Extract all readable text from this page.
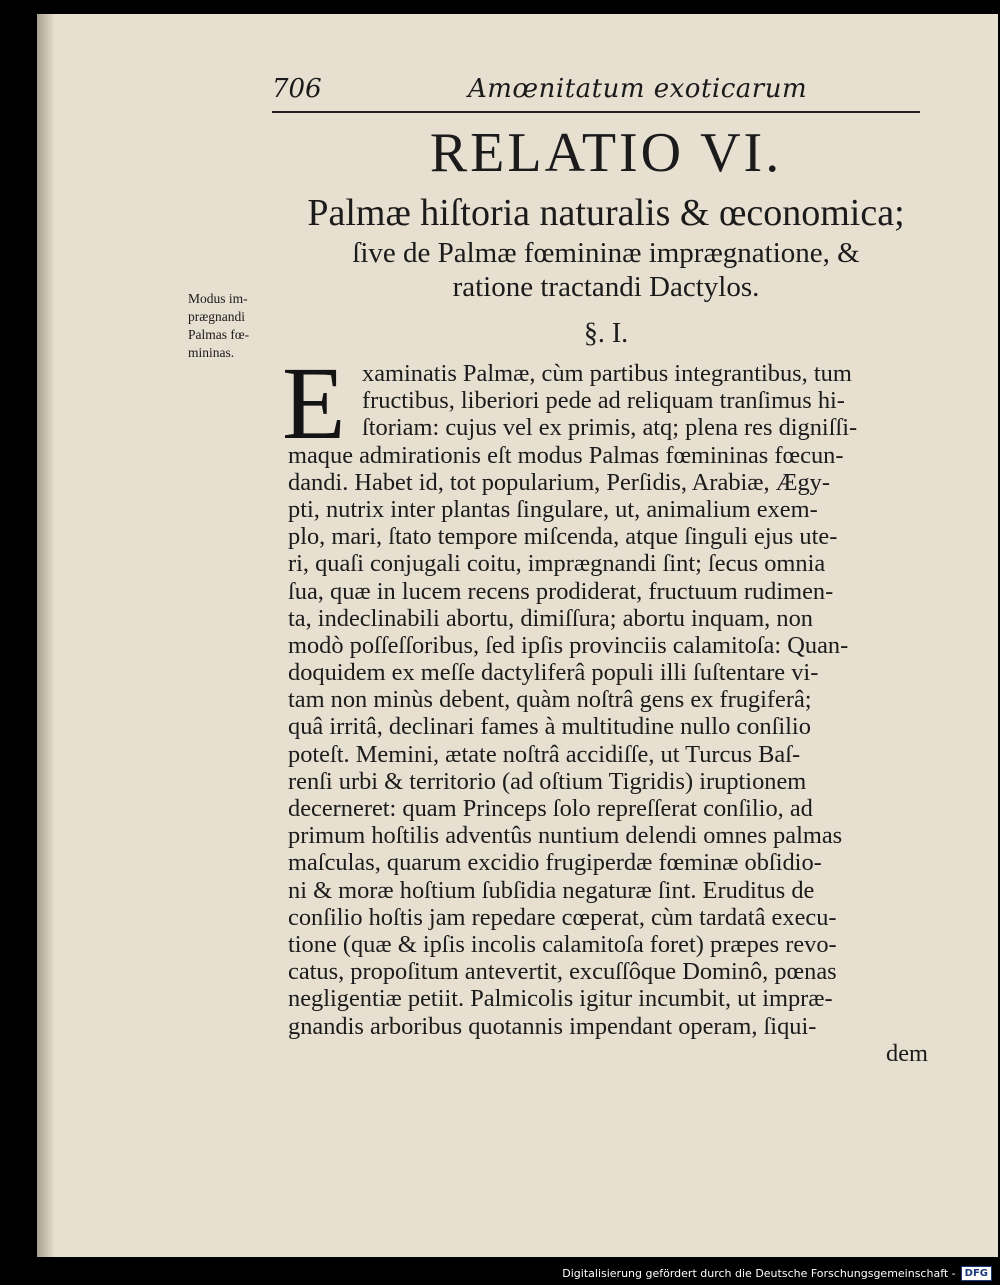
706	Amœnitatum exoticarum
RELATIO VI.
Palmæ hiſtoria naturalis & œconomica;
ſive de Palmæ fœmininæ imprægnatione, &
ratione tractandi Dactylos.
Modus im-
prægnandi
Palmas fœ-
mininas.
§. I.
E xaminatis Palmæ, cùm partibus integrantibus, tum
fructibus, liberiori pede ad reliquam tranſimus hi-
ſtoriam: cujus vel ex primis, atq; plena res digniſſi-
maque admirationis eſt modus Palmas fœmininas fœcun-
dandi. Habet id, tot popularium, Perſidis, Arabiæ, Ægy-
pti, nutrix inter plantas ſingulare, ut, animalium exem-
plo, mari, ſtato tempore miſcenda, atque ſinguli ejus ute-
ri, quaſi conjugali coitu, imprægnandi ſint; ſecus omnia
ſua, quæ in lucem recens prodiderat, fructuum rudimen-
ta, indeclinabili abortu, dimiſſura; abortu inquam, non
modò poſſeſſoribus, ſed ipſis provinciis calamitoſa: Quan-
doquidem ex meſſe dactyliferâ populi illi ſuſtentare vi-
tam non minùs debent, quàm noſtrâ gens ex frugiferâ;
quâ irritâ, declinari fames à multitudine nullo conſilio
poteſt. Memini, ætate noſtrâ accidiſſe, ut Turcus Baſ-
renſi urbi & territorio (ad oſtium Tigridis) iruptionem
decerneret: quam Princeps ſolo repreſſerat conſilio, ad
primum hoſtilis adventûs nuntium delendi omnes palmas
maſculas, quarum excidio frugiperdæ fœminæ obſidio-
ni & moræ hoſtium ſubſidia negaturæ ſint. Eruditus de
conſilio hoſtis jam repedare cœperat, cùm tardatâ execu-
tione (quæ & ipſis incolis calamitoſa foret) præpes revo-
catus, propoſitum antevertit, excuſſôque Dominô, pœnas
negligentiæ petiit. Palmicolis igitur incumbit, ut impræ-
gnandis arboribus quotannis impendant operam, ſiqui-
dem
Digitalisierung gefördert durch die Deutsche Forschungsgemeinschaft - DFG
